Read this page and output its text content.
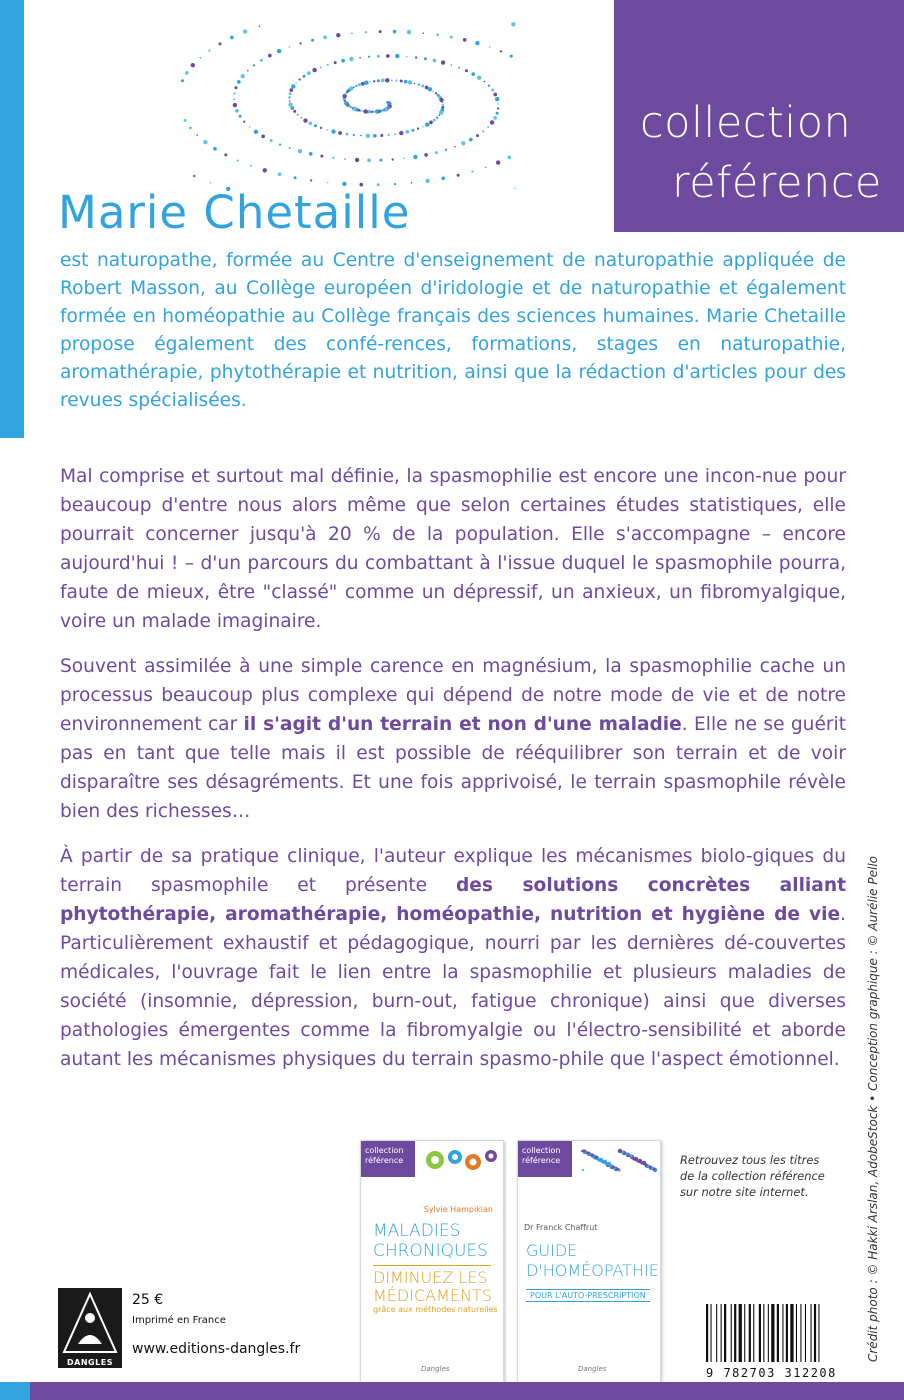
collection
référence
Marie Chetaille
est naturopathe, formée au Centre d'enseignement de naturopathie appliquée de Robert Masson, au Collège européen d'iridologie et de naturopathie et également formée en homéopathie au Collège français des sciences humaines. Marie Chetaille propose également des confé-rences, formations, stages en naturopathie, aromathérapie, phytothérapie et nutrition, ainsi que la rédaction d'articles pour des revues spécialisées.
Mal comprise et surtout mal définie, la spasmophilie est encore une incon-nue pour beaucoup d'entre nous alors même que selon certaines études statistiques, elle pourrait concerner jusqu'à 20 % de la population. Elle s'accompagne – encore aujourd'hui ! – d'un parcours du combattant à l'issue duquel le spasmophile pourra, faute de mieux, être "classé" comme un dépressif, un anxieux, un fibromyalgique, voire un malade imaginaire.
Souvent assimilée à une simple carence en magnésium, la spasmophilie cache un processus beaucoup plus complexe qui dépend de notre mode de vie et de notre environnement car il s'agit d'un terrain et non d'une maladie. Elle ne se guérit pas en tant que telle mais il est possible de rééquilibrer son terrain et de voir disparaître ses désagréments. Et une fois apprivoisé, le terrain spasmophile révèle bien des richesses…
À partir de sa pratique clinique, l'auteur explique les mécanismes biolo-giques du terrain spasmophile et présente des solutions concrètes alliant phytothérapie, aromathérapie, homéopathie, nutrition et hygiène de vie. Particulièrement exhaustif et pédagogique, nourri par les dernières dé-couvertes médicales, l'ouvrage fait le lien entre la spasmophilie et plusieurs maladies de société (insomnie, dépression, burn-out, fatigue chronique) ainsi que diverses pathologies émergentes comme la fibromyalgie ou l'électro-sensibilité et aborde autant les mécanismes physiques du terrain spasmo-phile que l'aspect émotionnel.	Crédit photo : © Hakki Arslan, AdobeStock • Conception graphique : © Aurélie Pello
collection référence
Sylvie Hampikian
MALADIES CHRONIQUES
DIMINUEZ LES MÉDICAMENTS
grâce aux méthodes naturelles
Dangles
collection référence
Dr Franck Chaffrut
GUIDE D'HOMÉOPATHIE
POUR L'AUTO-PRESCRIPTION
Dangles
Retrouvez tous les titres
de la collection référence
sur notre site internet.
9 782703 312208
DANGLES
25 €
Imprimé en France
www.editions-dangles.fr
